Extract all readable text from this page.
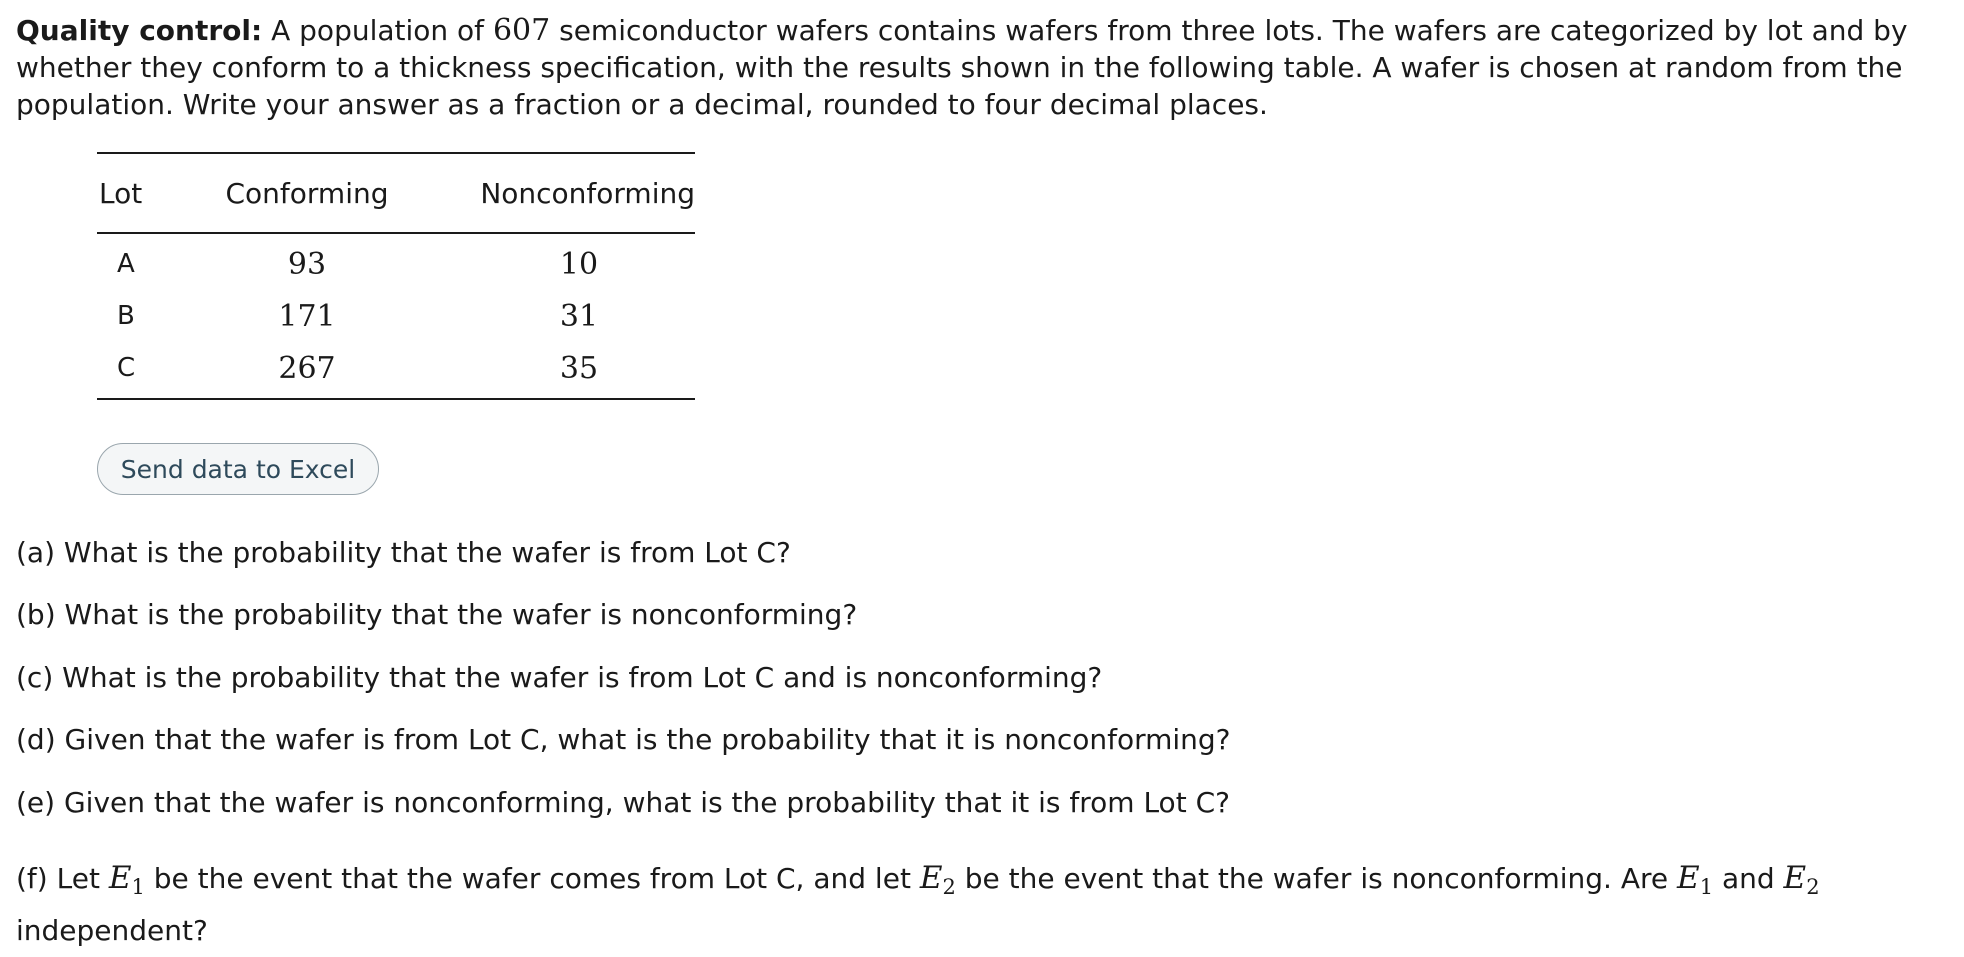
Quality control: A population of 607 semiconductor wafers contains wafers from three lots. The wafers are categorized by lot and by whether they conform to a thickness specification, with the results shown in the following table. A wafer is chosen at random from the population. Write your answer as a fraction or a decimal, rounded to four decimal places.

Lot	Conforming	Nonconforming
A	93	10
B	171	31
C	267	35
Send data to Excel

(a) What is the probability that the wafer is from Lot C?

(b) What is the probability that the wafer is nonconforming?

(c) What is the probability that the wafer is from Lot C and is nonconforming?

(d) Given that the wafer is from Lot C, what is the probability that it is nonconforming?

(e) Given that the wafer is nonconforming, what is the probability that it is from Lot C?

(f) Let $E_1$ be the event that the wafer comes from Lot C, and let $E_2$ be the event that the wafer is nonconforming. Are $E_1$ and $E_2$ independent?
